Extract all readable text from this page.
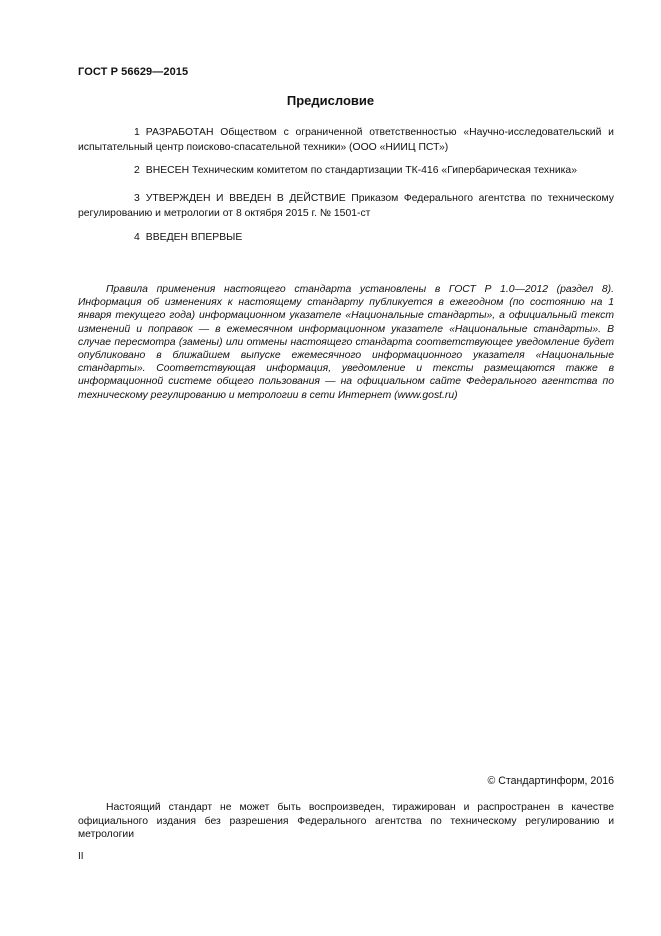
ГОСТ Р 56629—2015
Предисловие

1 РАЗРАБОТАН Обществом с ограниченной ответственностью «Научно-исследовательский и испытательный центр поисково-спасательной техники» (ООО «НИИЦ ПСТ»)

2 ВНЕСЕН Техническим комитетом по стандартизации ТК-416 «Гипербарическая техника»

3 УТВЕРЖДЕН И ВВЕДЕН В ДЕЙСТВИЕ Приказом Федерального агентства по техническому регулированию и метрологии от 8 октября 2015 г. № 1501-ст

4 ВВЕДЕН ВПЕРВЫЕ

Правила применения настоящего стандарта установлены в ГОСТ Р 1.0—2012 (раздел 8). Информация об изменениях к настоящему стандарту публикуется в ежегодном (по состоянию на 1 января текущего года) информационном указателе «Национальные стандарты», а официальный текст изменений и поправок — в ежемесячном информационном указателе «Национальные стандарты». В случае пересмотра (замены) или отмены настоящего стандарта соответствующее уведомление будет опубликовано в ближайшем выпуске ежемесячного информационного указателя «Национальные стандарты». Соответствующая информация, уведомление и тексты размещаются также в информационной системе общего пользования — на официальном сайте Федерального агентства по техническому регулированию и метрологии в сети Интернет (www.gost.ru)

© Стандартинформ, 2016

Настоящий стандарт не может быть воспроизведен, тиражирован и распространен в качестве официального издания без разрешения Федерального агентства по техническому регулированию и метрологии

II
